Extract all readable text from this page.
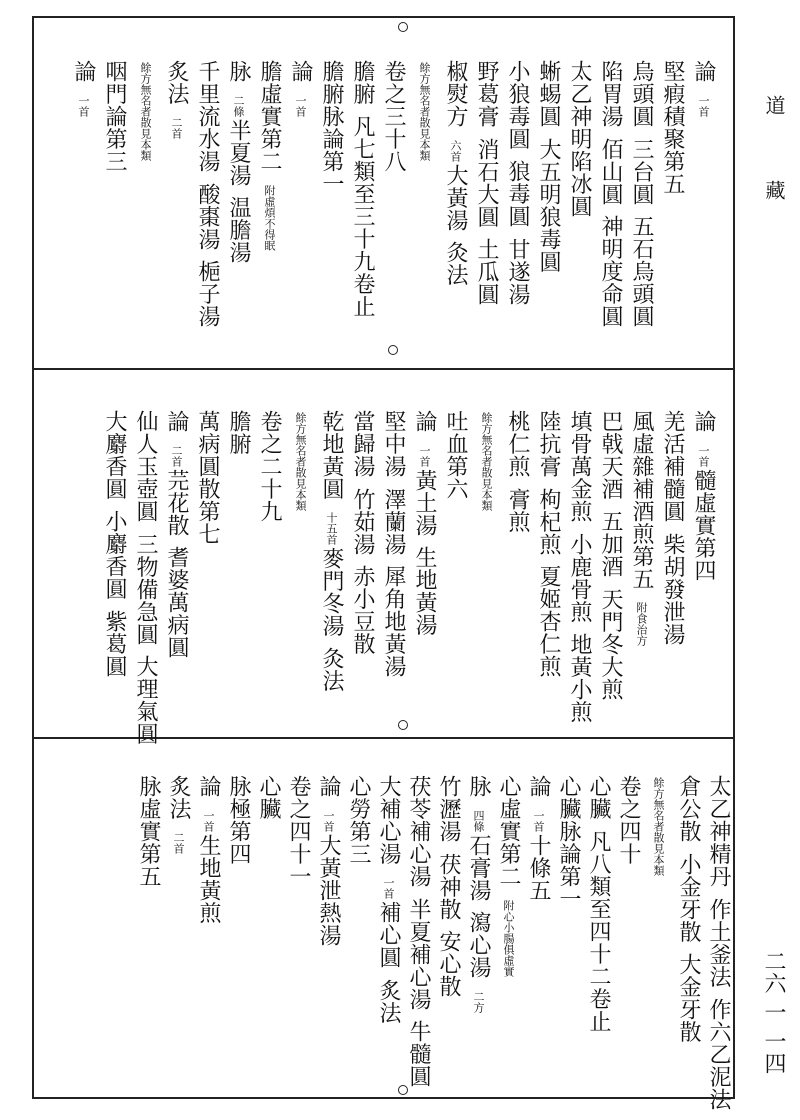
道
藏
二六 一 一四
論一首
堅瘕積聚第五
烏頭圓三台圓五石烏頭圓
陷胃湯佰山圓神明度命圓
太乙神明陷冰圓
蜥蜴圓大五明狼毒圓
小狼毒圓狼毒圓甘遂湯
野葛膏消石大圓土瓜圓
椒熨方六首大黃湯灸法
餘方無名者散見本類
卷之三十八
膽腑凡七類至三十九卷止
膽腑脉論第一
論一首
膽虛實第二附虛煩不得眠
脉二條半夏湯温膽湯
千里流水湯酸棗湯梔子湯
炙法二首
餘方無名者散見本類
咽門論第三
論一首
論一首髓虛實第四
羌活補髓圓柴胡發泄湯
風虛雜補酒煎第五附食治方
巴戟天酒五加酒天門冬大煎
填骨萬金煎小鹿骨煎地黃小煎
陸抗膏枸杞煎夏姬杏仁煎
桃仁煎膏煎
餘方無名者散見本類
吐血第六
論一首黃土湯生地黃湯
堅中湯澤蘭湯犀角地黃湯
當歸湯竹茹湯赤小豆散
乾地黃圓十五首麥門冬湯灸法
餘方無名者散見本類
卷之二十九
膽腑
萬病圓散第七
論二首芫花散耆婆萬病圓
仙人玉壺圓三物備急圓大理氣圓
大麝香圓小麝香圓紫葛圓
太乙神精丹作土釜法作六乙泥法
倉公散小金牙散大金牙散
餘方無名者散見本類
卷之四十
心臟凡八類至四十二卷止
心臟脉論第一
論一首十條五
心虛實第二附心小腸俱虛實
脉四條石膏湯瀉心湯二方
竹瀝湯茯神散安心散
茯苓補心湯半夏補心湯牛髓圓
大補心湯一首補心圓炙法
心勞第三
論一首大黃泄熱湯
卷之四十一
心臟
脉極第四
論一首生地黃煎
炙法二首
脉虛實第五
